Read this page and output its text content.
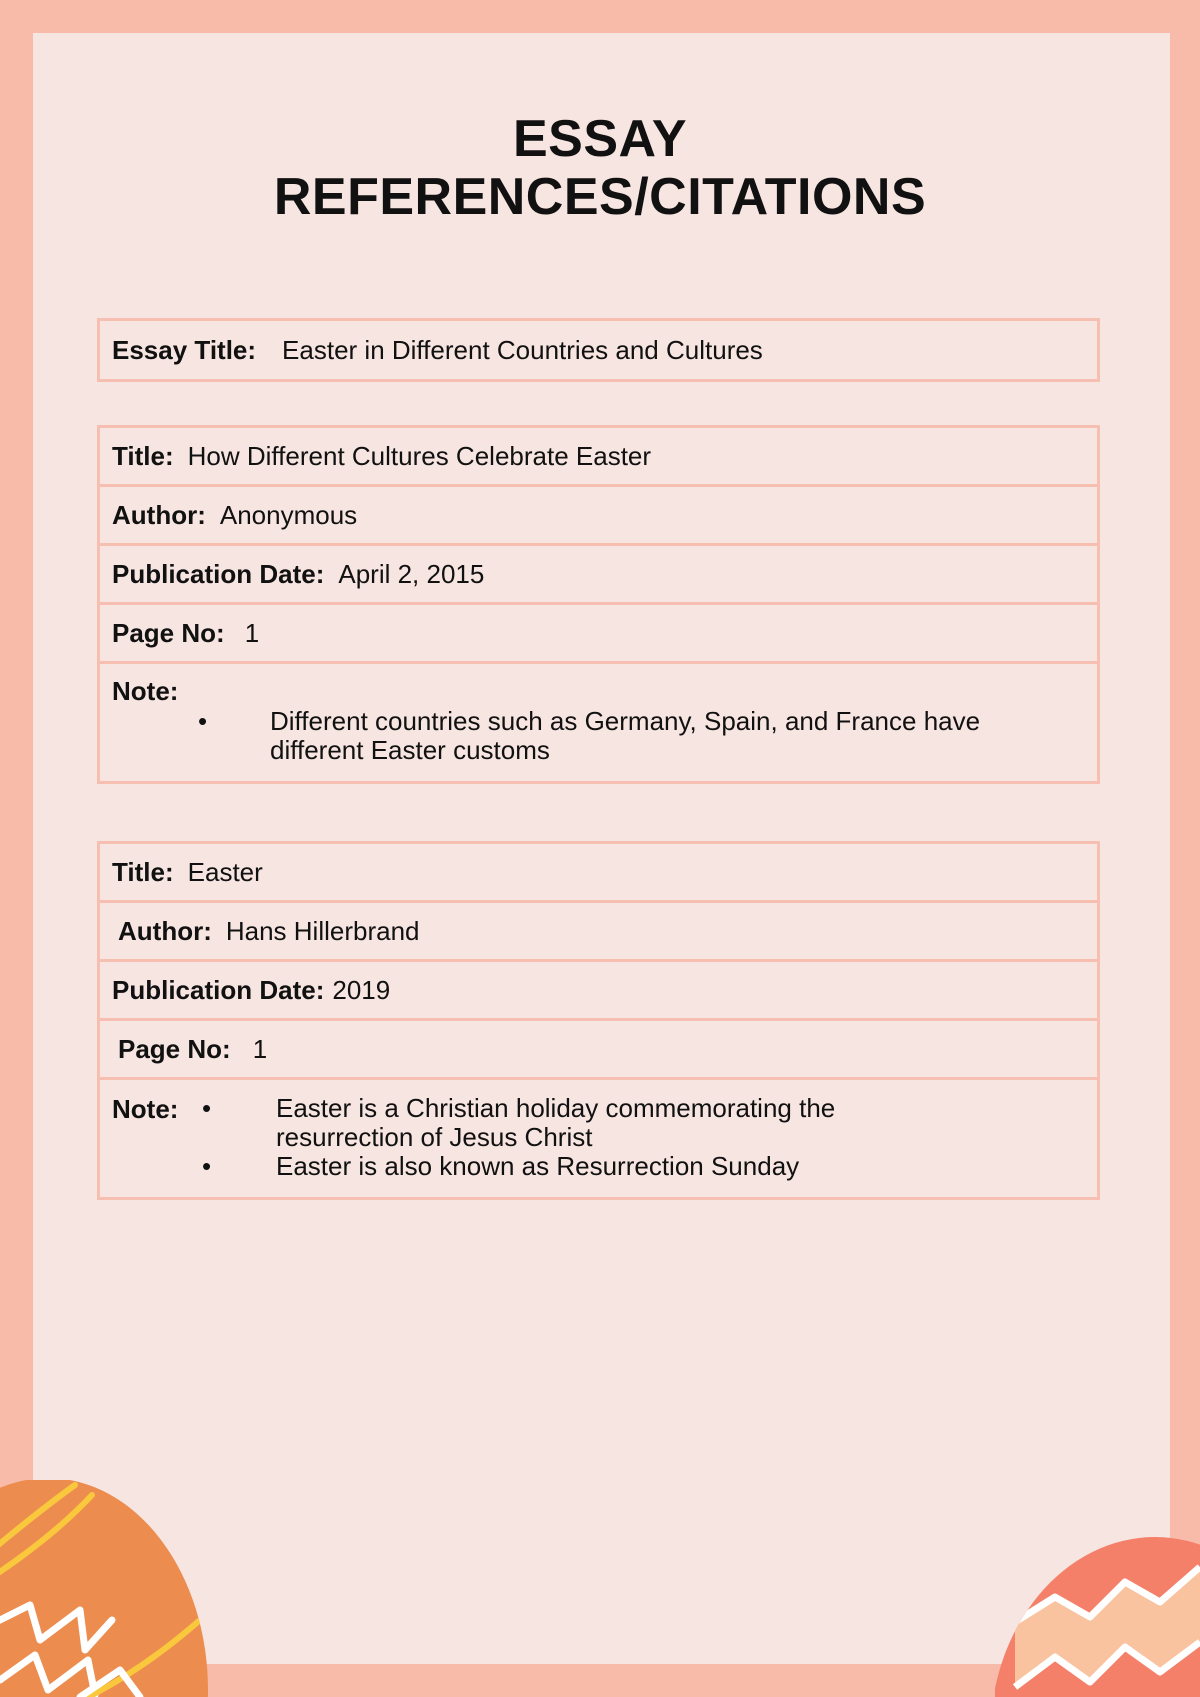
ESSAY
REFERENCES/CITATIONS
Essay Title: Easter in Different Countries and Cultures
Title: How Different Cultures Celebrate Easter
Author: Anonymous
Publication Date: April 2, 2015
Page No: 1
Note:
• Different countries such as Germany, Spain, and France have different Easter customs
Title: Easter
Author: Hans Hillerbrand
Publication Date: 2019
Page No: 1
Note: • Easter is a Christian holiday commemorating the resurrection of Jesus Christ
• Easter is also known as Resurrection Sunday
